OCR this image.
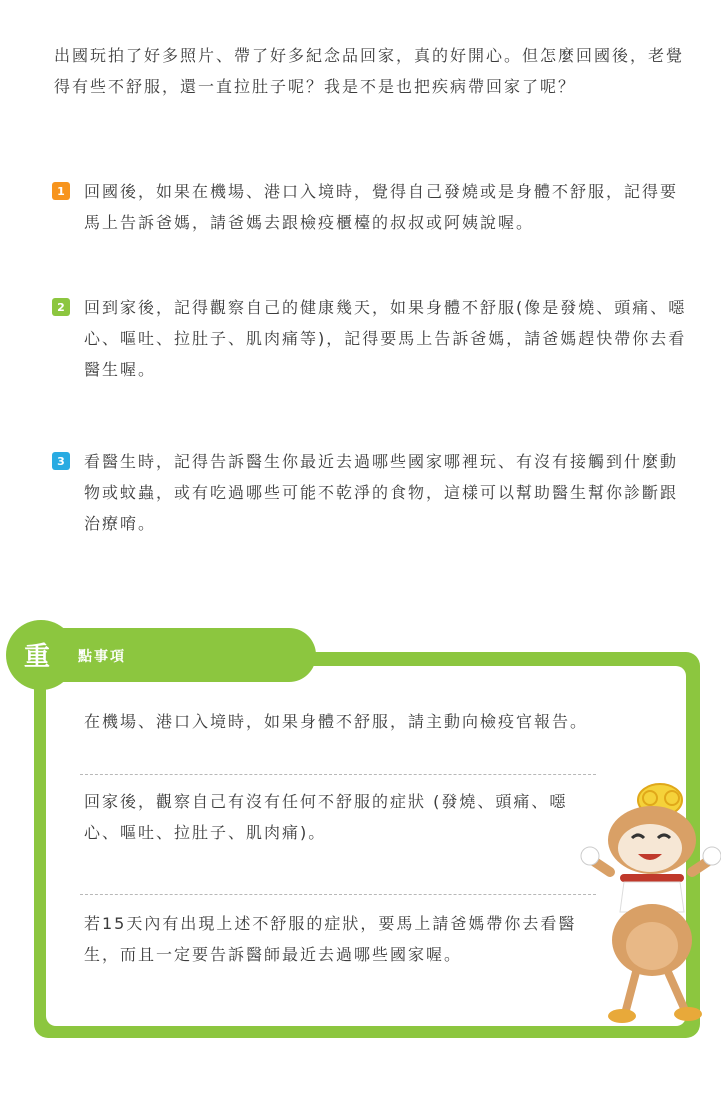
出國玩拍了好多照片、帶了好多紀念品回家，真的好開心。但怎麼回國後，老覺得有些不舒服，還一直拉肚子呢？我是不是也把疾病帶回家了呢？
1	回國後，如果在機場、港口入境時，覺得自己發燒或是身體不舒服，記得要馬上告訴爸媽，請爸媽去跟檢疫櫃檯的叔叔或阿姨說喔。
2	回到家後，記得觀察自己的健康幾天，如果身體不舒服(像是發燒、頭痛、噁心、嘔吐、拉肚子、肌肉痛等)，記得要馬上告訴爸媽，請爸媽趕快帶你去看醫生喔。
3	看醫生時，記得告訴醫生你最近去過哪些國家哪裡玩、有沒有接觸到什麼動物或蚊蟲，或有吃過哪些可能不乾淨的食物，這樣可以幫助醫生幫你診斷跟治療唷。
重 點事項
在機場、港口入境時，如果身體不舒服，請主動向檢疫官報告。
回家後，觀察自己有沒有任何不舒服的症狀 (發燒、頭痛、噁心、嘔吐、拉肚子、肌肉痛)。
若15天內有出現上述不舒服的症狀，要馬上請爸媽帶你去看醫生，而且一定要告訴醫師最近去過哪些國家喔。
